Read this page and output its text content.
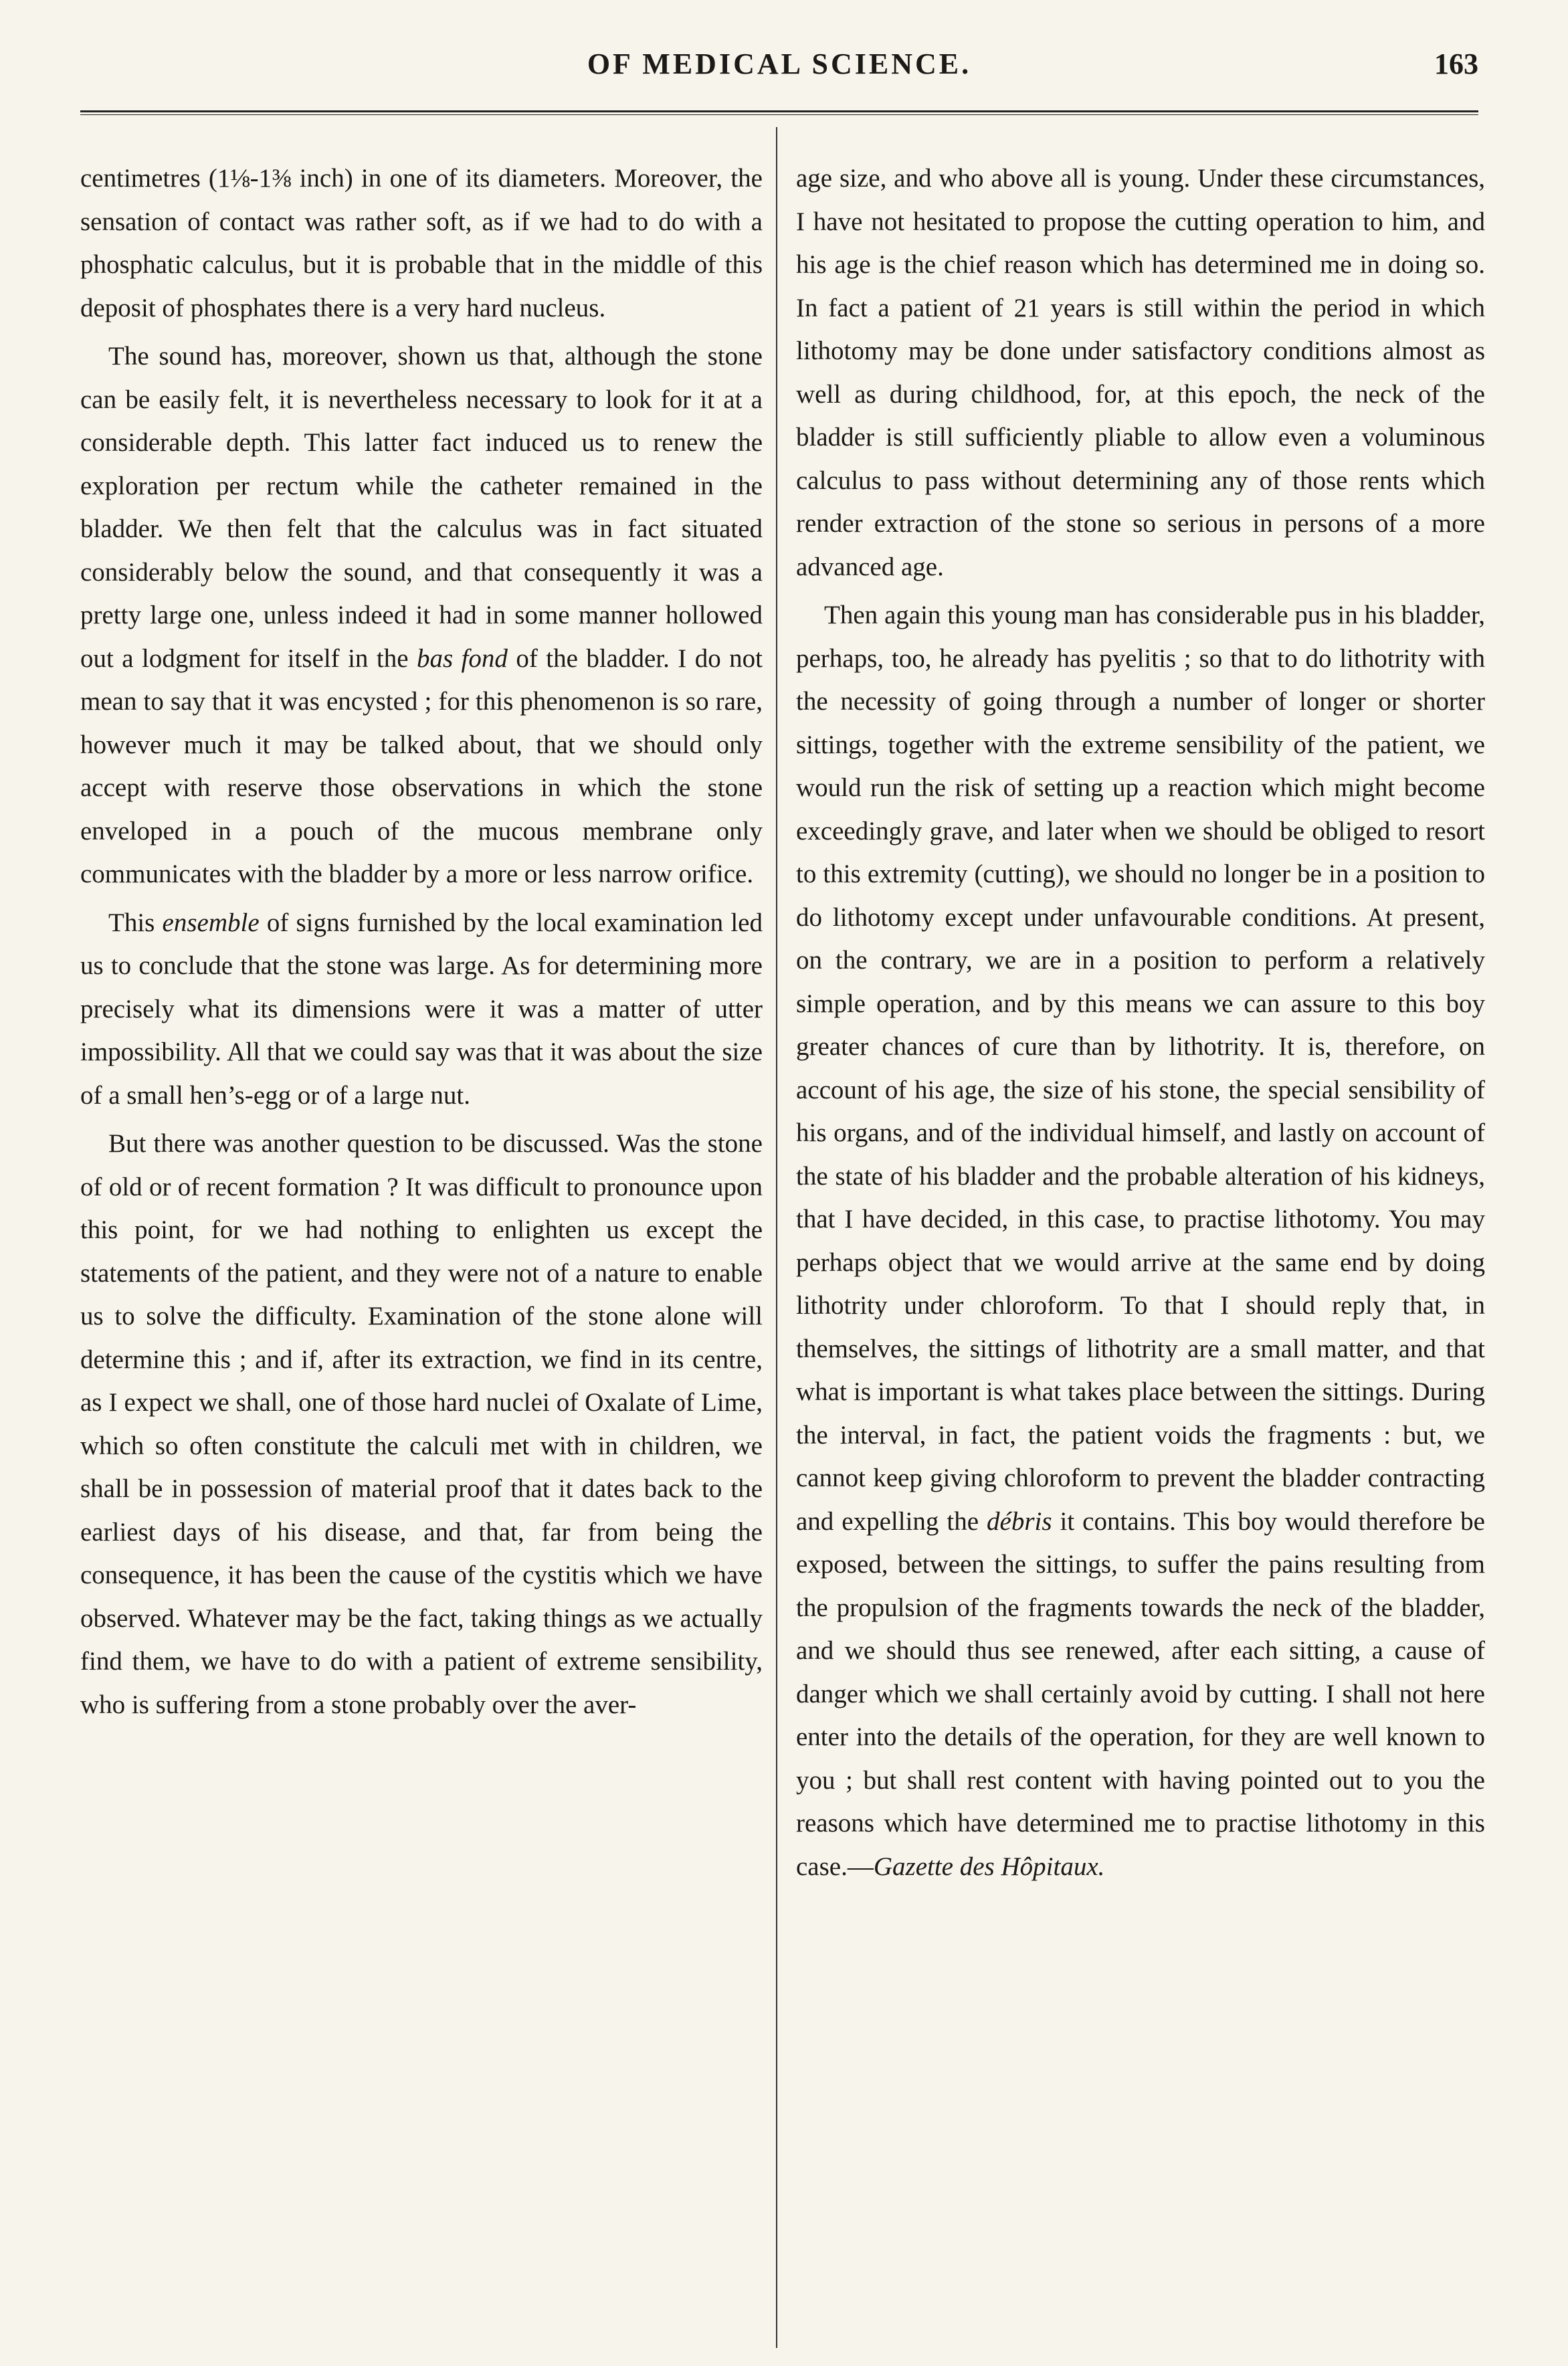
OF MEDICAL SCIENCE.	163

centimetres (1⅛-1⅜ inch) in one of its diameters. Moreover, the sensation of contact was rather soft, as if we had to do with a phosphatic calculus, but it is probable that in the middle of this deposit of phosphates there is a very hard nucleus.

The sound has, moreover, shown us that, although the stone can be easily felt, it is nevertheless necessary to look for it at a considerable depth. This latter fact induced us to renew the exploration per rectum while the catheter remained in the bladder. We then felt that the calculus was in fact situated considerably below the sound, and that consequently it was a pretty large one, unless indeed it had in some manner hollowed out a lodgment for itself in the bas fond of the bladder. I do not mean to say that it was encysted ; for this phenomenon is so rare, however much it may be talked about, that we should only accept with reserve those observations in which the stone enveloped in a pouch of the mucous membrane only communicates with the bladder by a more or less narrow orifice.

This ensemble of signs furnished by the local examination led us to conclude that the stone was large. As for determining more precisely what its dimensions were it was a matter of utter impossibility. All that we could say was that it was about the size of a small hen’s-egg or of a large nut.

But there was another question to be discussed. Was the stone of old or of recent formation ? It was difficult to pronounce upon this point, for we had nothing to enlighten us except the statements of the patient, and they were not of a nature to enable us to solve the difficulty. Examination of the stone alone will determine this ; and if, after its extraction, we find in its centre, as I expect we shall, one of those hard nuclei of Oxalate of Lime, which so often constitute the calculi met with in children, we shall be in possession of material proof that it dates back to the earliest days of his disease, and that, far from being the consequence, it has been the cause of the cystitis which we have observed. Whatever may be the fact, taking things as we actually find them, we have to do with a patient of extreme sensibility, who is suffering from a stone probably over the aver-

age size, and who above all is young. Under these circumstances, I have not hesitated to propose the cutting operation to him, and his age is the chief reason which has determined me in doing so. In fact a patient of 21 years is still within the period in which lithotomy may be done under satisfactory conditions almost as well as during childhood, for, at this epoch, the neck of the bladder is still sufficiently pliable to allow even a voluminous calculus to pass without determining any of those rents which render extraction of the stone so serious in persons of a more advanced age.

Then again this young man has considerable pus in his bladder, perhaps, too, he already has pyelitis ; so that to do lithotrity with the necessity of going through a number of longer or shorter sittings, together with the extreme sensibility of the patient, we would run the risk of setting up a reaction which might become exceedingly grave, and later when we should be obliged to resort to this extremity (cutting), we should no longer be in a position to do lithotomy except under unfavourable conditions. At present, on the contrary, we are in a position to perform a relatively simple operation, and by this means we can assure to this boy greater chances of cure than by lithotrity. It is, therefore, on account of his age, the size of his stone, the special sensibility of his organs, and of the individual himself, and lastly on account of the state of his bladder and the probable alteration of his kidneys, that I have decided, in this case, to practise lithotomy. You may perhaps object that we would arrive at the same end by doing lithotrity under chloroform. To that I should reply that, in themselves, the sittings of lithotrity are a small matter, and that what is important is what takes place between the sittings. During the interval, in fact, the patient voids the fragments : but, we cannot keep giving chloroform to prevent the bladder contracting and expelling the débris it contains. This boy would therefore be exposed, between the sittings, to suffer the pains resulting from the propulsion of the fragments towards the neck of the bladder, and we should thus see renewed, after each sitting, a cause of danger which we shall certainly avoid by cutting. I shall not here enter into the details of the operation, for they are well known to you ; but shall rest content with having pointed out to you the reasons which have determined me to practise lithotomy in this case.—Gazette des Hôpitaux.
